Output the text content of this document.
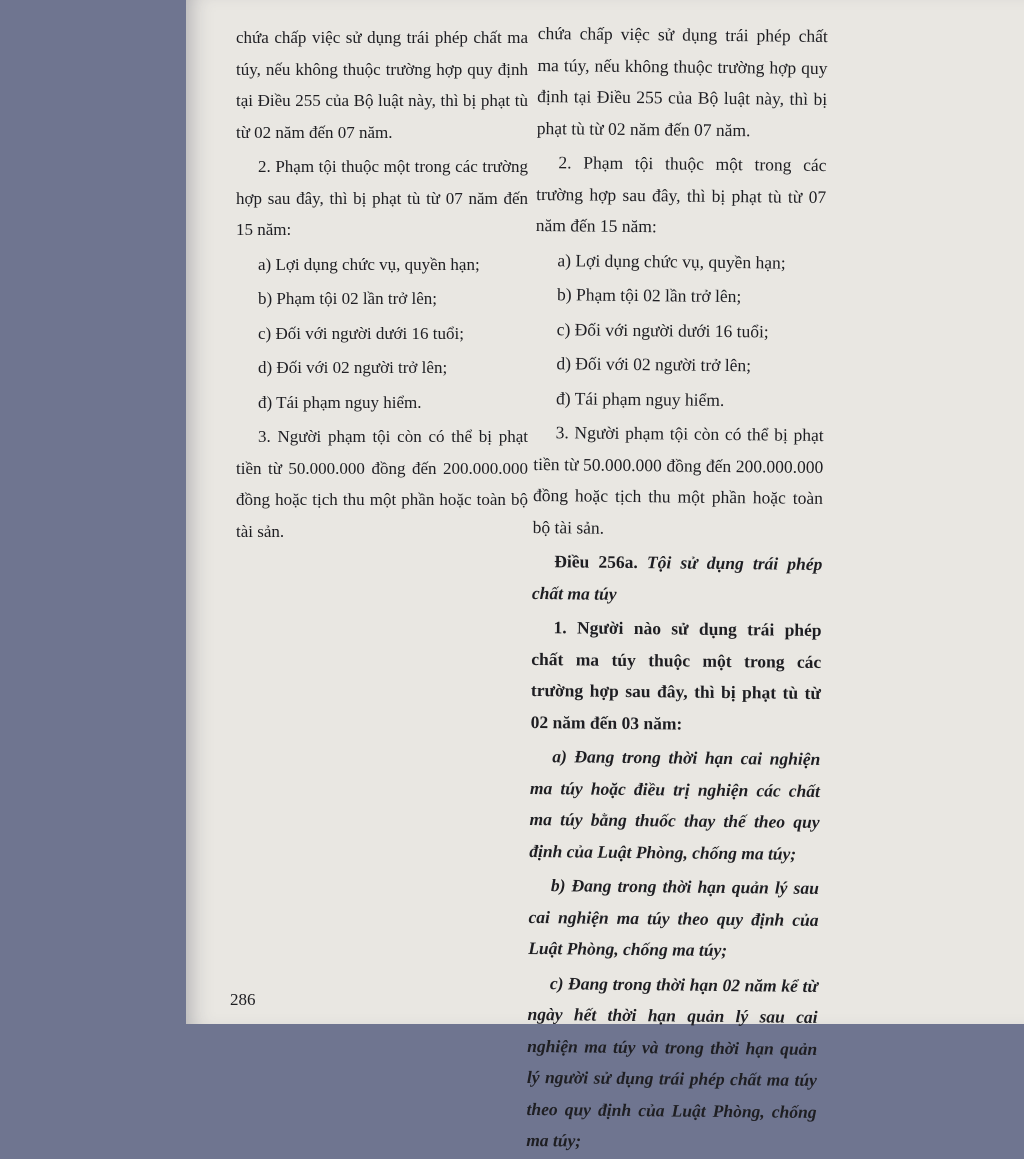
chứa chấp việc sử dụng trái phép chất ma túy, nếu không thuộc trường hợp quy định tại Điều 255 của Bộ luật này, thì bị phạt tù từ 02 năm đến 07 năm.

2. Phạm tội thuộc một trong các trường hợp sau đây, thì bị phạt tù từ 07 năm đến 15 năm:

a) Lợi dụng chức vụ, quyền hạn;

b) Phạm tội 02 lần trở lên;

c) Đối với người dưới 16 tuổi;

d) Đối với 02 người trở lên;

đ) Tái phạm nguy hiểm.

3. Người phạm tội còn có thể bị phạt tiền từ 50.000.000 đồng đến 200.000.000 đồng hoặc tịch thu một phần hoặc toàn bộ tài sản.

chứa chấp việc sử dụng trái phép chất ma túy, nếu không thuộc trường hợp quy định tại Điều 255 của Bộ luật này, thì bị phạt tù từ 02 năm đến 07 năm.

2. Phạm tội thuộc một trong các trường hợp sau đây, thì bị phạt tù từ 07 năm đến 15 năm:

a) Lợi dụng chức vụ, quyền hạn;

b) Phạm tội 02 lần trở lên;

c) Đối với người dưới 16 tuổi;

d) Đối với 02 người trở lên;

đ) Tái phạm nguy hiểm.

3. Người phạm tội còn có thể bị phạt tiền từ 50.000.000 đồng đến 200.000.000 đồng hoặc tịch thu một phần hoặc toàn bộ tài sản.

Điều 256a. Tội sử dụng trái phép chất ma túy

1. Người nào sử dụng trái phép chất ma túy thuộc một trong các trường hợp sau đây, thì bị phạt tù từ 02 năm đến 03 năm:

a) Đang trong thời hạn cai nghiện ma túy hoặc điều trị nghiện các chất ma túy bằng thuốc thay thế theo quy định của Luật Phòng, chống ma túy;

b) Đang trong thời hạn quản lý sau cai nghiện ma túy theo quy định của Luật Phòng, chống ma túy;

c) Đang trong thời hạn 02 năm kể từ ngày hết thời hạn quản lý sau cai nghiện ma túy và trong thời hạn quản lý người sử dụng trái phép chất ma túy theo quy định của Luật Phòng, chống ma túy;

286
